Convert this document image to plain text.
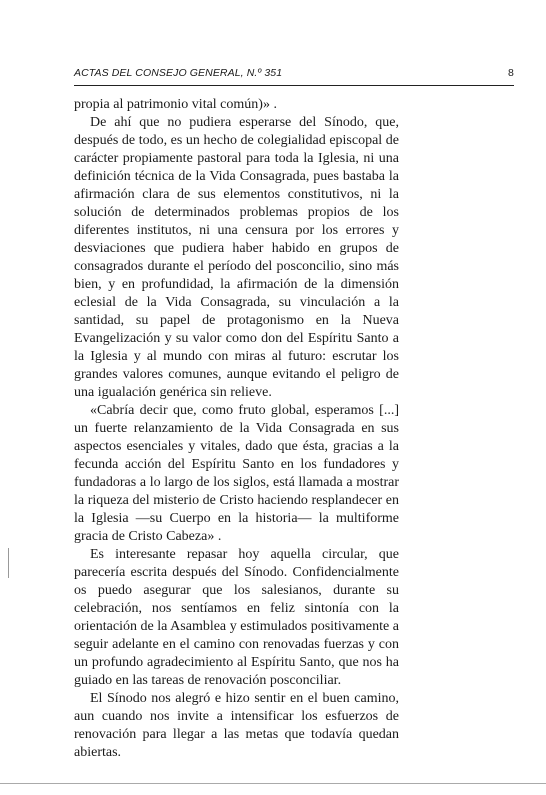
ACTAS DEL CONSEJO GENERAL, N.º 351	8

propia al patrimonio vital común)» .

De ahí que no pudiera esperarse del Sínodo, que, después de todo, es un hecho de colegialidad episcopal de carácter propiamente pastoral para toda la Iglesia, ni una definición técnica de la Vida Consagrada, pues bastaba la afirmación clara de sus elementos constitutivos, ni la solución de determinados problemas propios de los diferentes institutos, ni una censura por los errores y desviaciones que pudiera haber habido en grupos de consagrados durante el período del posconcilio, sino más bien, y en profundidad, la afirmación de la dimensión eclesial de la Vida Consagrada, su vinculación a la santidad, su papel de protagonismo en la Nueva Evangelización y su valor como don del Espíritu Santo a la Iglesia y al mundo con miras al futuro: escrutar los grandes valores comunes, aunque evitando el peligro de una igualación genérica sin relieve.

«Cabría decir que, como fruto global, esperamos [...] un fuerte relanzamiento de la Vida Consagrada en sus aspectos esenciales y vitales, dado que ésta, gracias a la fecunda acción del Espíritu Santo en los fundadores y fundadoras a lo largo de los siglos, está llamada a mostrar la riqueza del misterio de Cristo haciendo resplandecer en la Iglesia —su Cuerpo en la historia— la multiforme gracia de Cristo Cabeza» .

Es interesante repasar hoy aquella circular, que parecería escrita después del Sínodo. Confidencialmente os puedo asegurar que los salesianos, durante su celebración, nos sentíamos en feliz sintonía con la orientación de la Asamblea y estimulados positivamente a seguir adelante en el camino con renovadas fuerzas y con un profundo agradecimiento al Espíritu Santo, que nos ha guiado en las tareas de renovación posconciliar.

El Sínodo nos alegró e hizo sentir en el buen camino, aun cuando nos invite a intensificar los esfuerzos de renovación para llegar a las metas que todavía quedan abiertas.
